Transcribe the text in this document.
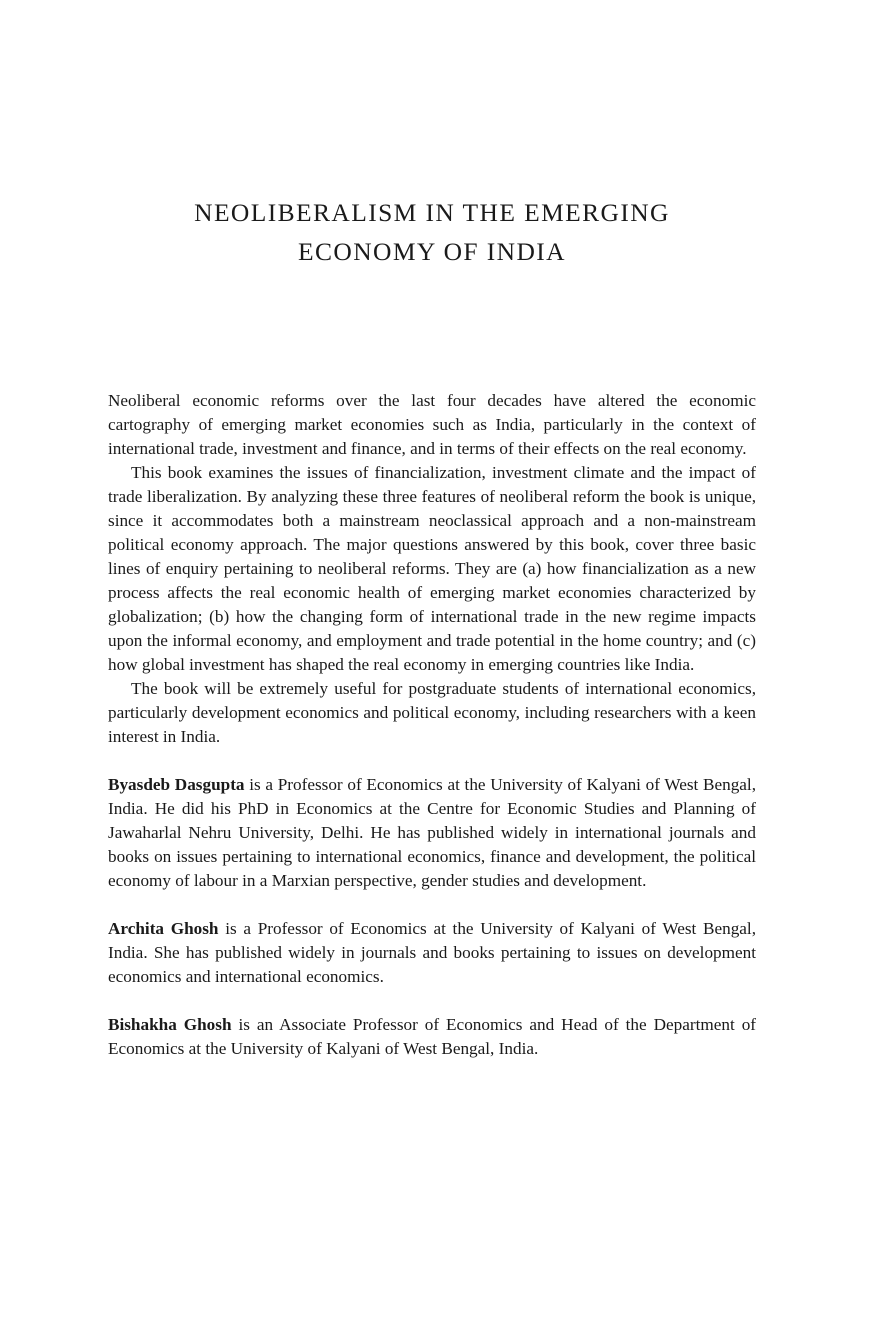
NEOLIBERALISM IN THE EMERGING
ECONOMY OF INDIA

Neoliberal economic reforms over the last four decades have altered the economic cartography of emerging market economies such as India, particularly in the context of international trade, investment and finance, and in terms of their effects on the real economy.

This book examines the issues of financialization, investment climate and the impact of trade liberalization. By analyzing these three features of neoliberal reform the book is unique, since it accommodates both a mainstream neoclassical approach and a non-mainstream political economy approach. The major questions answered by this book, cover three basic lines of enquiry pertaining to neoliberal reforms. They are (a) how financialization as a new process affects the real economic health of emerging market economies characterized by globalization; (b) how the changing form of international trade in the new regime impacts upon the informal economy, and employment and trade potential in the home country; and (c) how global investment has shaped the real economy in emerging countries like India.

The book will be extremely useful for postgraduate students of international economics, particularly development economics and political economy, including researchers with a keen interest in India.

Byasdeb Dasgupta is a Professor of Economics at the University of Kalyani of West Bengal, India. He did his PhD in Economics at the Centre for Economic Studies and Planning of Jawaharlal Nehru University, Delhi. He has published widely in international journals and books on issues pertaining to international economics, finance and development, the political economy of labour in a Marxian perspective, gender studies and development.

Archita Ghosh is a Professor of Economics at the University of Kalyani of West Bengal, India. She has published widely in journals and books pertaining to issues on development economics and international economics.

Bishakha Ghosh is an Associate Professor of Economics and Head of the Department of Economics at the University of Kalyani of West Bengal, India.
